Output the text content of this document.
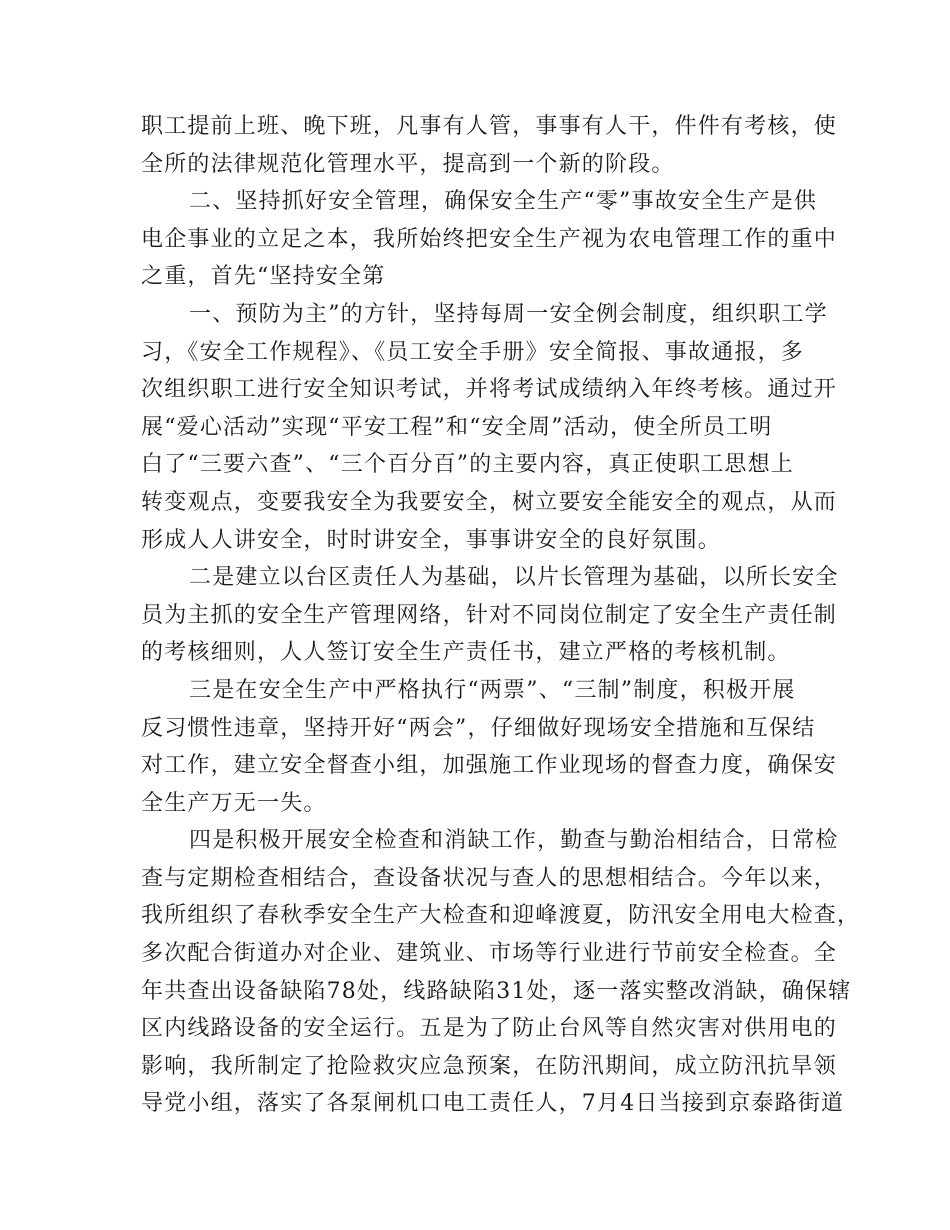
职工提前上班、晚下班，凡事有人管，事事有人干，件件有考核，使
全所的法律规范化管理水平，提高到一个新的阶段。
二、坚持抓好安全管理，确保安全生产“零”事故安全生产是供
电企事业的立足之本，我所始终把安全生产视为农电管理工作的重中
之重，首先“坚持安全第
一、预防为主”的方针，坚持每周一安全例会制度，组织职工学
习，《安全工作规程》、《员工安全手册》安全简报、事故通报，多
次组织职工进行安全知识考试，并将考试成绩纳入年终考核。通过开
展“爱心活动”实现“平安工程”和“安全周”活动，使全所员工明
白了“三要六查”、“三个百分百”的主要内容，真正使职工思想上
转变观点，变要我安全为我要安全，树立要安全能安全的观点，从而
形成人人讲安全，时时讲安全，事事讲安全的良好氛围。
二是建立以台区责任人为基础，以片长管理为基础，以所长安全
员为主抓的安全生产管理网络，针对不同岗位制定了安全生产责任制
的考核细则，人人签订安全生产责任书，建立严格的考核机制。
三是在安全生产中严格执行“两票”、“三制”制度，积极开展
反习惯性违章，坚持开好“两会”，仔细做好现场安全措施和互保结
对工作，建立安全督查小组，加强施工作业现场的督查力度，确保安
全生产万无一失。
四是积极开展安全检查和消缺工作，勤查与勤治相结合，日常检
查与定期检查相结合，查设备状况与查人的思想相结合。今年以来，
我所组织了春秋季安全生产大检查和迎峰渡夏，防汛安全用电大检查，
多次配合街道办对企业、建筑业、市场等行业进行节前安全检查。全
年共查出设备缺陷78处，线路缺陷31处，逐一落实整改消缺，确保辖
区内线路设备的安全运行。五是为了防止台风等自然灾害对供用电的
影响，我所制定了抢险救灾应急预案，在防汛期间，成立防汛抗旱领
导党小组，落实了各泵闸机口电工责任人，7月4日当接到京泰路街道
